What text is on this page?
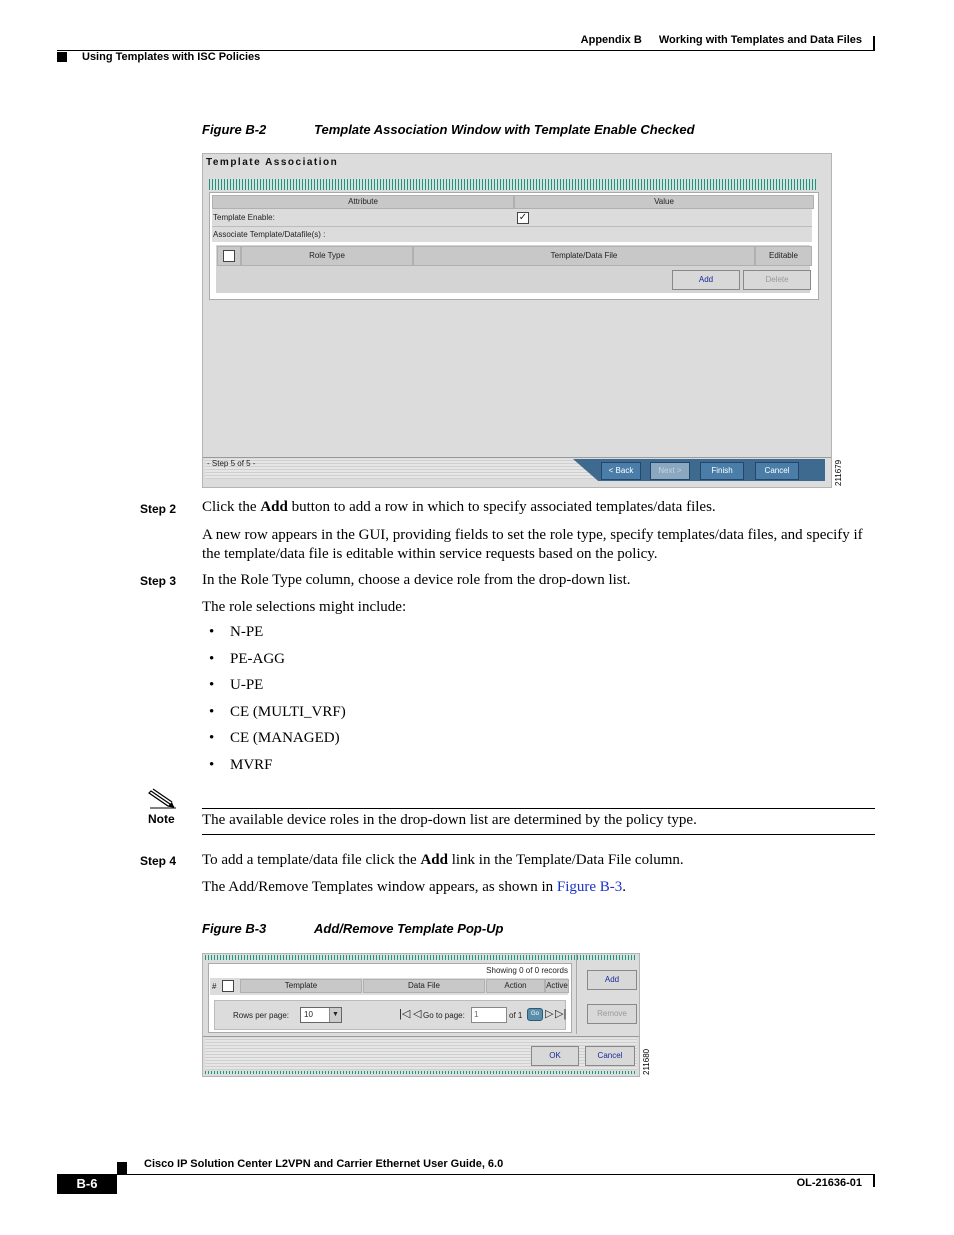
Appendix B Working with Templates and Data Files
Using Templates with ISC Policies
Figure B-2	Template Association Window with Template Enable Checked
Template Association
Attribute	Value
Template Enable:	✓
Associate Template/Datafile(s) :
Role Type	Template/Data File	Editable
Add	Delete
- Step 5 of 5 -
< Back	Next >	Finish	Cancel	211679
Step 2 Click the Add button to add a row in which to specify associated templates/data files.
A new row appears in the GUI, providing fields to set the role type, specify templates/data files, and specify if the template/data file is editable within service requests based on the policy.
Step 3 In the Role Type column, choose a device role from the drop-down list.
The role selections might include:
• N-PE
• PE-AGG
• U-PE
• CE (MULTI_VRF)
• CE (MANAGED)
• MVRF
Note The available device roles in the drop-down list are determined by the policy type.
Step 4 To add a template/data file click the Add link in the Template/Data File column.
The Add/Remove Templates window appears, as shown in Figure B-3.
Figure B-3	Add/Remove Template Pop-Up
Showing 0 of 0 records
#	Template	Data File	Action	Active
Rows per page: 10	▼	|◁ ◁ Go to page: 1	of 1	Go ▷ ▷|
Add
Remove
OK	Cancel	211680
Cisco IP Solution Center L2VPN and Carrier Ethernet User Guide, 6.0
B-6	OL-21636-01
